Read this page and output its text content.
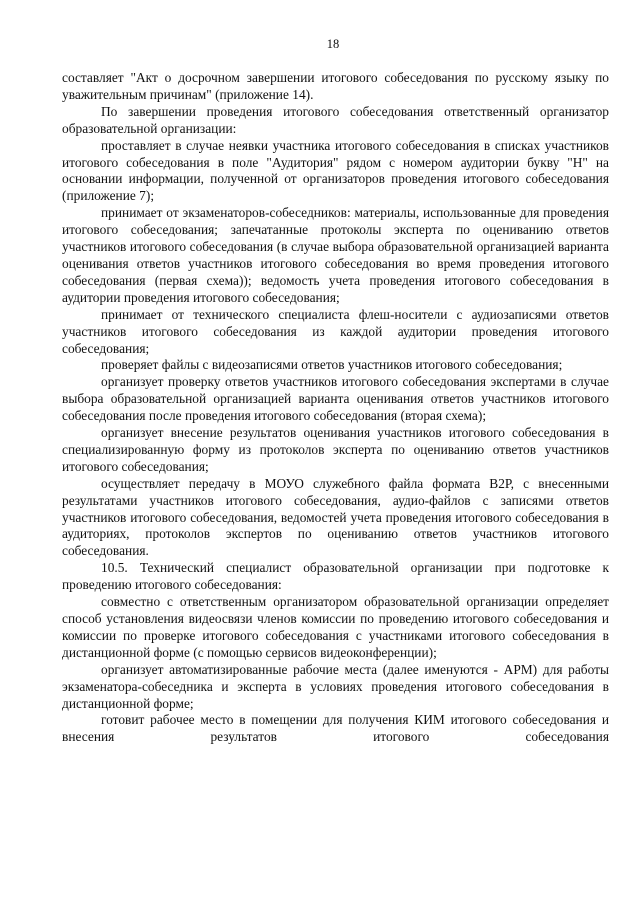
18

составляет "Акт о досрочном завершении итогового собеседования по русскому языку по уважительным причинам" (приложение 14).

По завершении проведения итогового собеседования ответственный организатор образовательной организации:

проставляет в случае неявки участника итогового собеседования в списках участников итогового собеседования в поле "Аудитория" рядом с номером аудитории букву "Н" на основании информации, полученной от организаторов проведения итогового собеседования (приложение 7);

принимает от экзаменаторов-собеседников: материалы, использованные для проведения итогового собеседования; запечатанные протоколы эксперта по оцениванию ответов участников итогового собеседования (в случае выбора образовательной организацией варианта оценивания ответов участников итогового собеседования во время проведения итогового собеседования (первая схема)); ведомость учета проведения итогового собеседования в аудитории проведения итогового собеседования;

принимает от технического специалиста флеш-носители с аудиозаписями ответов участников итогового собеседования из каждой аудитории проведения итогового собеседования;

проверяет файлы с видеозаписями ответов участников итогового собеседования;

организует проверку ответов участников итогового собеседования экспертами в случае выбора образовательной организацией варианта оценивания ответов участников итогового собеседования после проведения итогового собеседования (вторая схема);

организует внесение результатов оценивания участников итогового собеседования в специализированную форму из протоколов эксперта по оцениванию ответов участников итогового собеседования;

осуществляет передачу в МОУО служебного файла формата В2Р, с внесенными результатами участников итогового собеседования, аудио-файлов с записями ответов участников итогового собеседования, ведомостей учета проведения итогового собеседования в аудиториях, протоколов экспертов по оцениванию ответов участников итогового собеседования.

10.5. Технический специалист образовательной организации при подготовке к проведению итогового собеседования:

совместно с ответственным организатором образовательной организации определяет способ установления видеосвязи членов комиссии по проведению итогового собеседования и комиссии по проверке итогового собеседования с участниками итогового собеседования в дистанционной форме (с помощью сервисов видеоконференции);

организует автоматизированные рабочие места (далее именуются - АРМ) для работы экзаменатора-собеседника и эксперта в условиях проведения итогового собеседования в дистанционной форме;

готовит рабочее место в помещении для получения КИМ итогового собеседования и внесения результатов итогового собеседования
